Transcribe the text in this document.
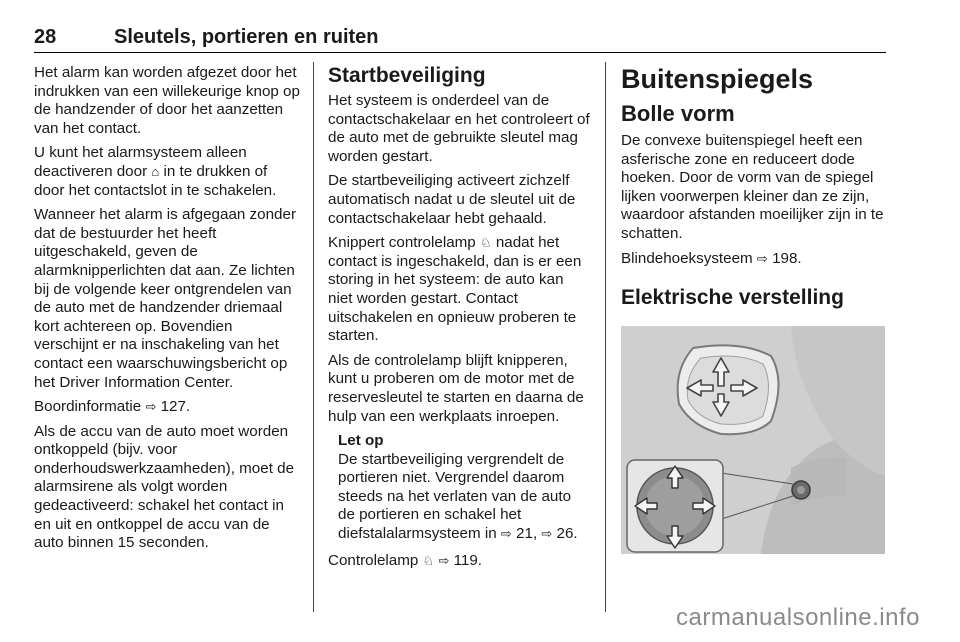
28	Sleutels, portieren en ruiten

Het alarm kan worden afgezet door het indrukken van een willekeurige knop op de handzender of door het aanzetten van het contact.

U kunt het alarmsysteem alleen deactiveren door ⌂ in te drukken of door het contactslot in te schakelen.

Wanneer het alarm is afgegaan zonder dat de bestuurder het heeft uitgeschakeld, geven de alarmknipperlichten dat aan. Ze lichten bij de volgende keer ontgrendelen van de auto met de handzender driemaal kort achtereen op. Bovendien verschijnt er na inschakeling van het contact een waarschuwingsbericht op het Driver Information Center.

Boordinformatie ⇨ 127.

Als de accu van de auto moet worden ontkoppeld (bijv. voor onderhoudswerkzaamheden), moet de alarmsirene als volgt worden gedeactiveerd: schakel het contact in en uit en ontkoppel de accu van de auto binnen 15 seconden.

Startbeveiliging

Het systeem is onderdeel van de contactschakelaar en het controleert of de auto met de gebruikte sleutel mag worden gestart.

De startbeveiliging activeert zichzelf automatisch nadat u de sleutel uit de contactschakelaar hebt gehaald.

Knippert controlelamp ♘ nadat het contact is ingeschakeld, dan is er een storing in het systeem: de auto kan niet worden gestart. Contact uitschakelen en opnieuw proberen te starten.

Als de controlelamp blijft knipperen, kunt u proberen om de motor met de reservesleutel te starten en daarna de hulp van een werkplaats inroepen.

Let op
De startbeveiliging vergrendelt de portieren niet. Vergrendel daarom steeds na het verlaten van de auto de portieren en schakel het diefstalalarmsysteem in ⇨ 21, ⇨ 26.

Controlelamp ♘ ⇨ 119.

Buitenspiegels
Bolle vorm

De convexe buitenspiegel heeft een asferische zone en reduceert dode hoeken. Door de vorm van de spiegel lijken voorwerpen kleiner dan ze zijn, waardoor afstanden moeilijker zijn in te schatten.

Blindehoeksysteem ⇨ 198.

Elektrische verstelling
carmanualsonline.info
